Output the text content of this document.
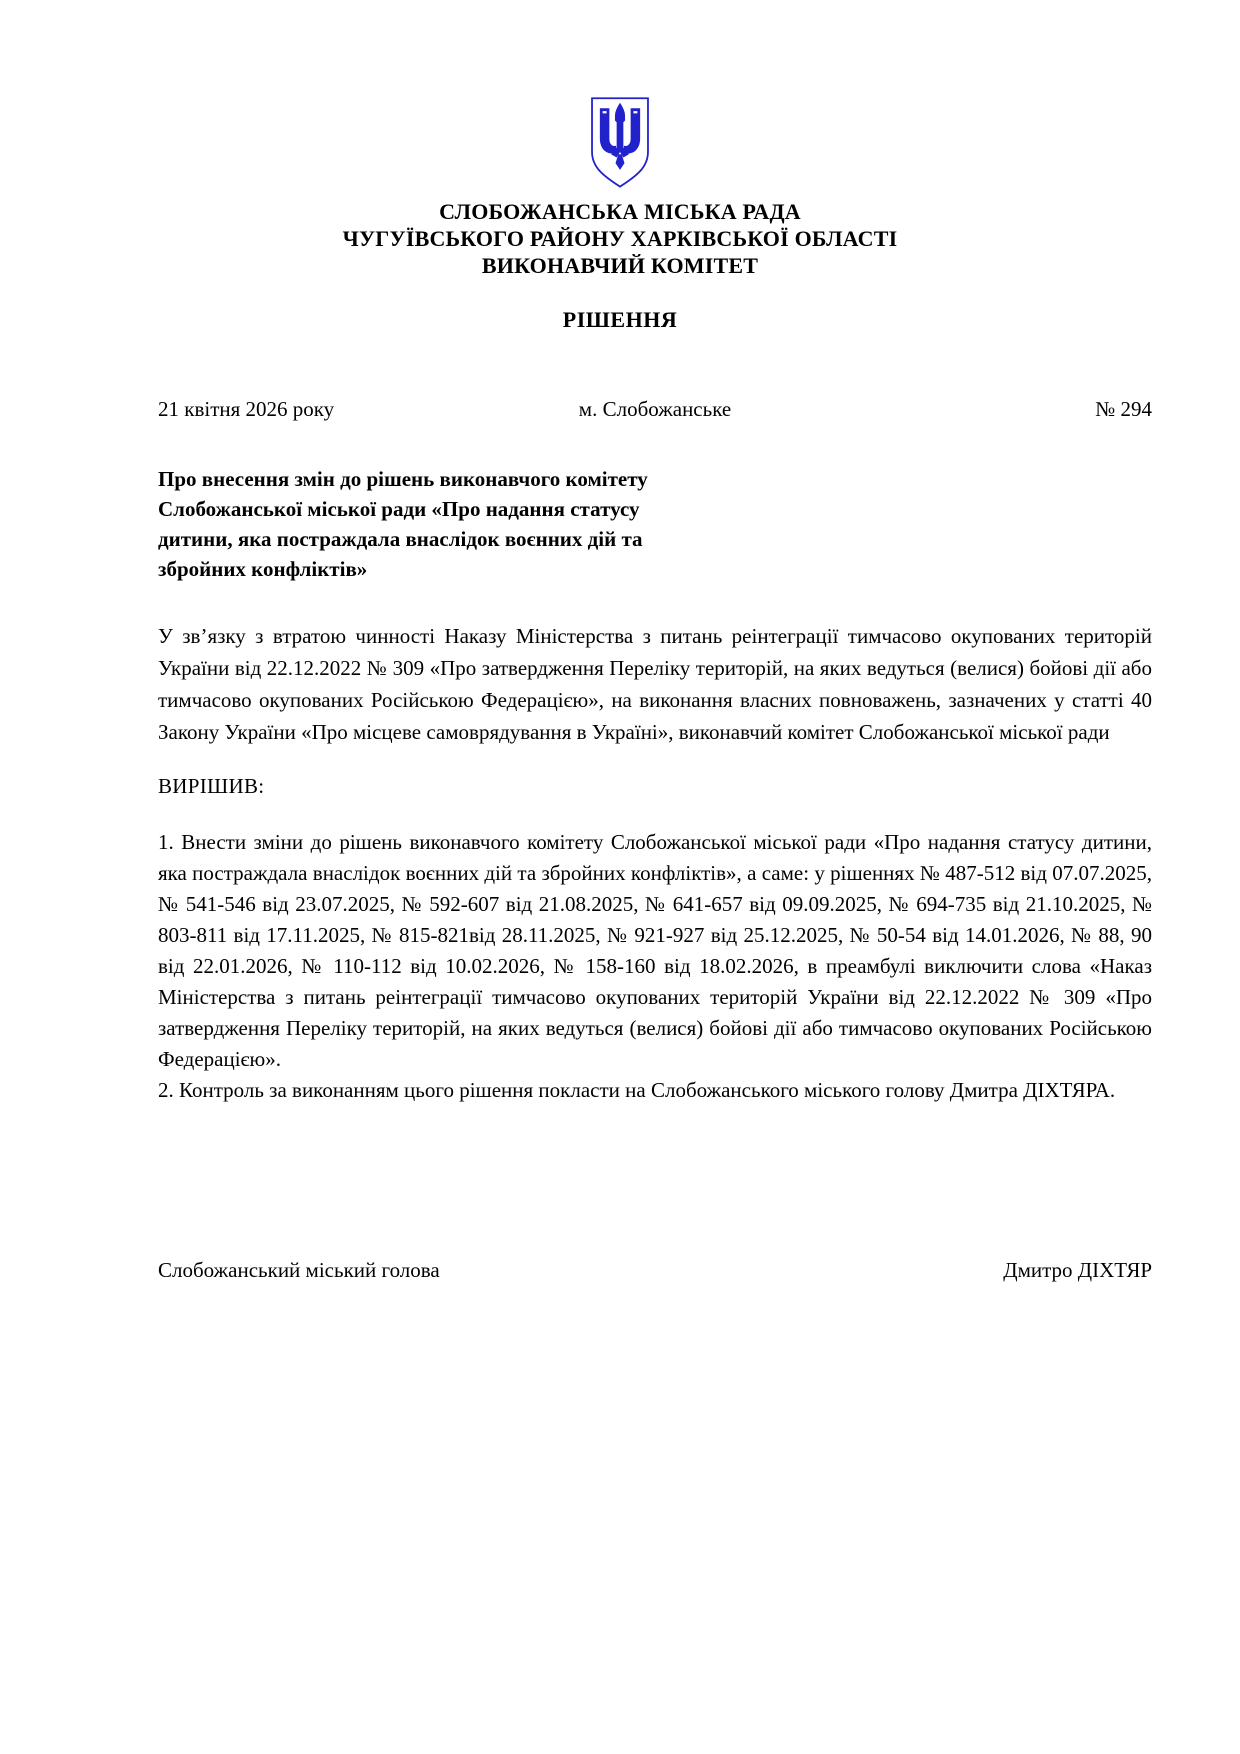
СЛОБОЖАНСЬКА МІСЬКА РАДА
ЧУГУЇВСЬКОГО РАЙОНУ ХАРКІВСЬКОЇ ОБЛАСТІ
ВИКОНАВЧИЙ КОМІТЕТ
РІШЕННЯ
21 квітня 2026 року	м. Слобожанське	№ 294
Про внесення змін до рішень виконавчого комітету Слобожанської міської ради «Про надання статусу дитини, яка постраждала внаслідок воєнних дій та збройних конфліктів»

У зв’язку з втратою чинності Наказу Міністерства з питань реінтеграції тимчасово окупованих територій України від 22.12.2022 № 309 «Про затвердження Переліку територій, на яких ведуться (велися) бойові дії або тимчасово окупованих Російською Федерацією», на виконання власних повноважень, зазначених у статті 40 Закону України «Про місцеве самоврядування в Україні», виконавчий комітет Слобожанської міської ради

ВИРІШИВ:

1. Внести зміни до рішень виконавчого комітету Слобожанської міської ради «Про надання статусу дитини, яка постраждала внаслідок воєнних дій та збройних конфліктів», а саме: у рішеннях № 487-512 від 07.07.2025, № 541-546 від 23.07.2025, № 592-607 від 21.08.2025, № 641-657 від 09.09.2025, № 694-735 від 21.10.2025, № 803-811 від 17.11.2025, № 815-821від 28.11.2025, № 921-927 від 25.12.2025, № 50-54 від 14.01.2026, № 88, 90 від 22.01.2026, № 110-112 від 10.02.2026, № 158-160 від 18.02.2026, в преамбулі виключити слова «Наказ Міністерства з питань реінтеграції тимчасово окупованих територій України від 22.12.2022 № 309 «Про затвердження Переліку територій, на яких ведуться (велися) бойові дії або тимчасово окупованих Російською Федерацією».

2. Контроль за виконанням цього рішення покласти на Слобожанського міського голову Дмитра ДІХТЯРА.

Слобожанський міський голова	Дмитро ДІХТЯР
